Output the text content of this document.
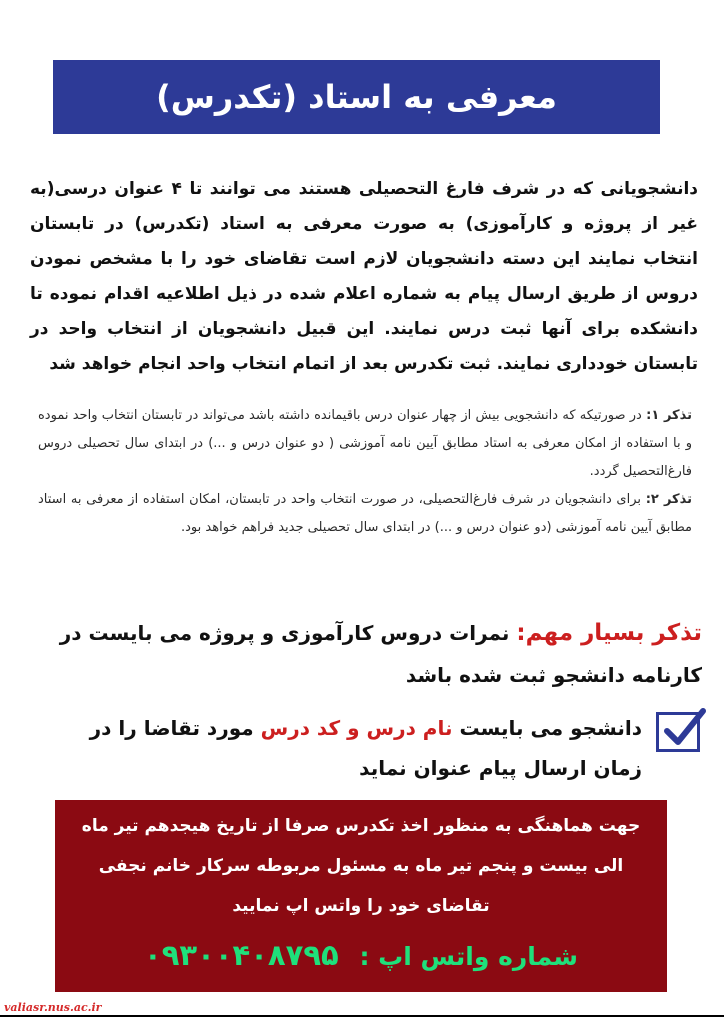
معرفی به استاد (تکدرس)
دانشجویانی که در شرف فارغ التحصیلی هستند می توانند تا ۴ عنوان درسی(به غیر از پروژه و کارآموزی) به صورت معرفی به استاد (تکدرس) در تابستان انتخاب نمایند این دسته دانشجویان لازم است تقاضای خود را با مشخص نمودن دروس از طریق ارسال پیام به شماره اعلام شده در ذیل اطلاعیه اقدام نموده تا دانشکده برای آنها ثبت درس نمایند. این قبیل دانشجویان از انتخاب واحد در تابستان خودداری نمایند. ثبت تکدرس بعد از اتمام انتخاب واحد انجام خواهد شد
تذکر ۱: در صورتیکه که دانشجویی بیش از چهار عنوان درس باقیمانده داشته باشد می‌تواند در تابستان انتخاب واحد نموده و با استفاده از امکان معرفی به استاد مطابق آیین نامه آموزشی ( دو عنوان درس و ...) در ابتدای سال تحصیلی دروس فارغ‌التحصیل گردد.
تذکر ۲: برای دانشجویان در شرف فارغ‌التحصیلی، در صورت انتخاب واحد در تابستان، امکان استفاده از معرفی به استاد مطابق آیین نامه آموزشی (دو عنوان درس و ...) در ابتدای سال تحصیلی جدید فراهم خواهد بود.
تذکر بسیار مهم: نمرات دروس کارآموزی و پروژه می بایست در کارنامه دانشجو ثبت شده باشد
دانشجو می بایست نام درس و کد درس مورد تقاضا را در زمان ارسال پیام عنوان نماید
جهت هماهنگی به منظور اخذ تکدرس صرفا از تاریخ هیجدهم تیر ماه
الی بیست و پنجم تیر ماه به مسئول مربوطه سرکار خانم نجفی
تقاضای خود را واتس اپ نمایید
شماره واتس اپ : ۰۹۳۰۰۴۰۸۷۹۵
valiasr.nus.ac.ir
